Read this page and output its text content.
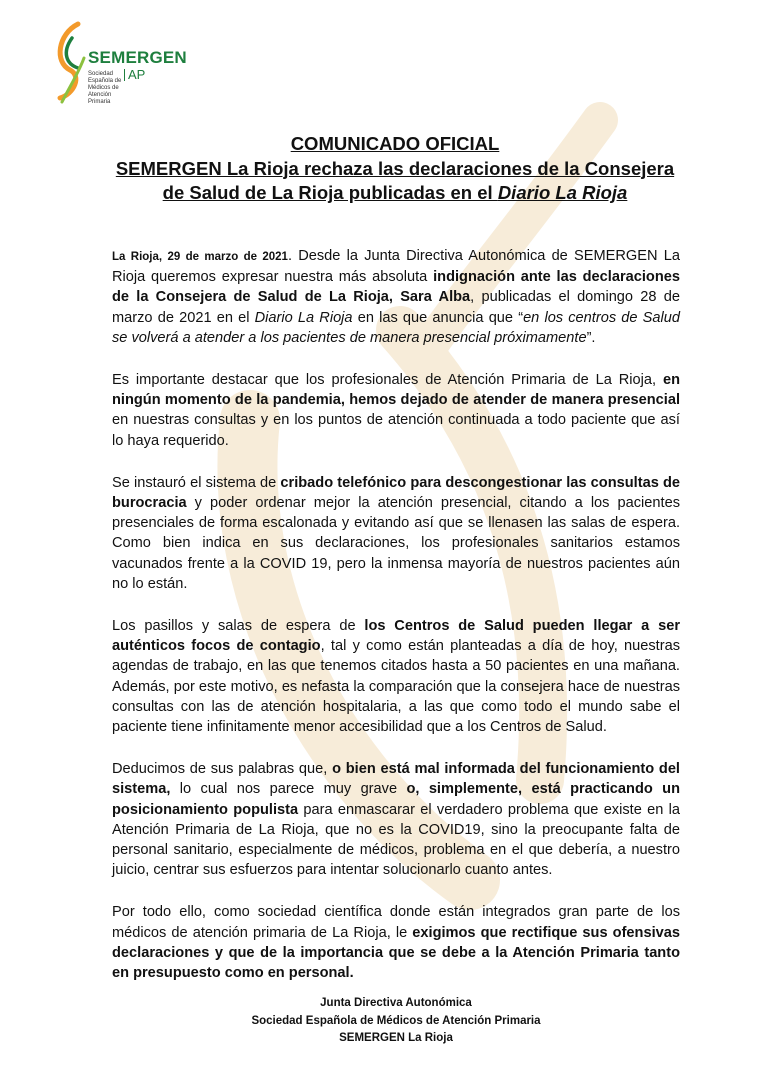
SEMERGEN
Sociedad Española de Médicos de Atención Primaria
AP
COMUNICADO OFICIAL
SEMERGEN La Rioja rechaza las declaraciones de la Consejera
de Salud de La Rioja publicadas en el Diario La Rioja

La Rioja, 29 de marzo de 2021. Desde la Junta Directiva Autonómica de SEMERGEN La Rioja queremos expresar nuestra más absoluta indignación ante las declaraciones de la Consejera de Salud de La Rioja, Sara Alba, publicadas el domingo 28 de marzo de 2021 en el Diario La Rioja en las que anuncia que “en los centros de Salud se volverá a atender a los pacientes de manera presencial próximamente”.

Es importante destacar que los profesionales de Atención Primaria de La Rioja, en ningún momento de la pandemia, hemos dejado de atender de manera presencial en nuestras consultas y en los puntos de atención continuada a todo paciente que así lo haya requerido.

Se instauró el sistema de cribado telefónico para descongestionar las consultas de burocracia y poder ordenar mejor la atención presencial, citando a los pacientes presenciales de forma escalonada y evitando así que se llenasen las salas de espera. Como bien indica en sus declaraciones, los profesionales sanitarios estamos vacunados frente a la COVID 19, pero la inmensa mayoría de nuestros pacientes aún no lo están.

Los pasillos y salas de espera de los Centros de Salud pueden llegar a ser auténticos focos de contagio, tal y como están planteadas a día de hoy, nuestras agendas de trabajo, en las que tenemos citados hasta a 50 pacientes en una mañana. Además, por este motivo, es nefasta la comparación que la consejera hace de nuestras consultas con las de atención hospitalaria, a las que como todo el mundo sabe el paciente tiene infinitamente menor accesibilidad que a los Centros de Salud.

Deducimos de sus palabras que, o bien está mal informada del funcionamiento del sistema, lo cual nos parece muy grave o, simplemente, está practicando un posicionamiento populista para enmascarar el verdadero problema que existe en la Atención Primaria de La Rioja, que no es la COVID19, sino la preocupante falta de personal sanitario, especialmente de médicos, problema en el que debería, a nuestro juicio, centrar sus esfuerzos para intentar solucionarlo cuanto antes.

Por todo ello, como sociedad científica donde están integrados gran parte de los médicos de atención primaria de La Rioja, le exigimos que rectifique sus ofensivas declaraciones y que de la importancia que se debe a la Atención Primaria tanto en presupuesto como en personal.

Junta Directiva Autonómica
Sociedad Española de Médicos de Atención Primaria
SEMERGEN La Rioja
